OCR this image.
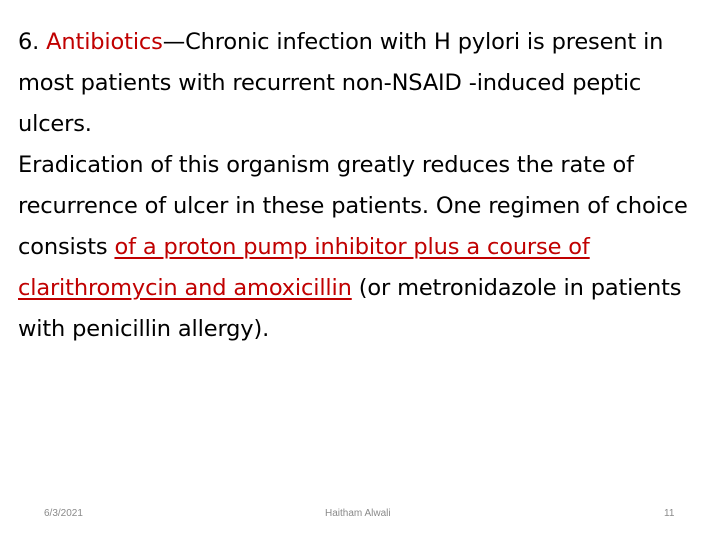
6. Antibiotics—Chronic infection with H pylori is present in most patients with recurrent non-NSAID -induced peptic ulcers.

Eradication of this organism greatly reduces the rate of recurrence of ulcer in these patients. One regimen of choice consists of a proton pump inhibitor plus a course of clarithromycin and amoxicillin (or metronidazole in patients with penicillin allergy).

6/3/2021	Haitham Alwali	11
